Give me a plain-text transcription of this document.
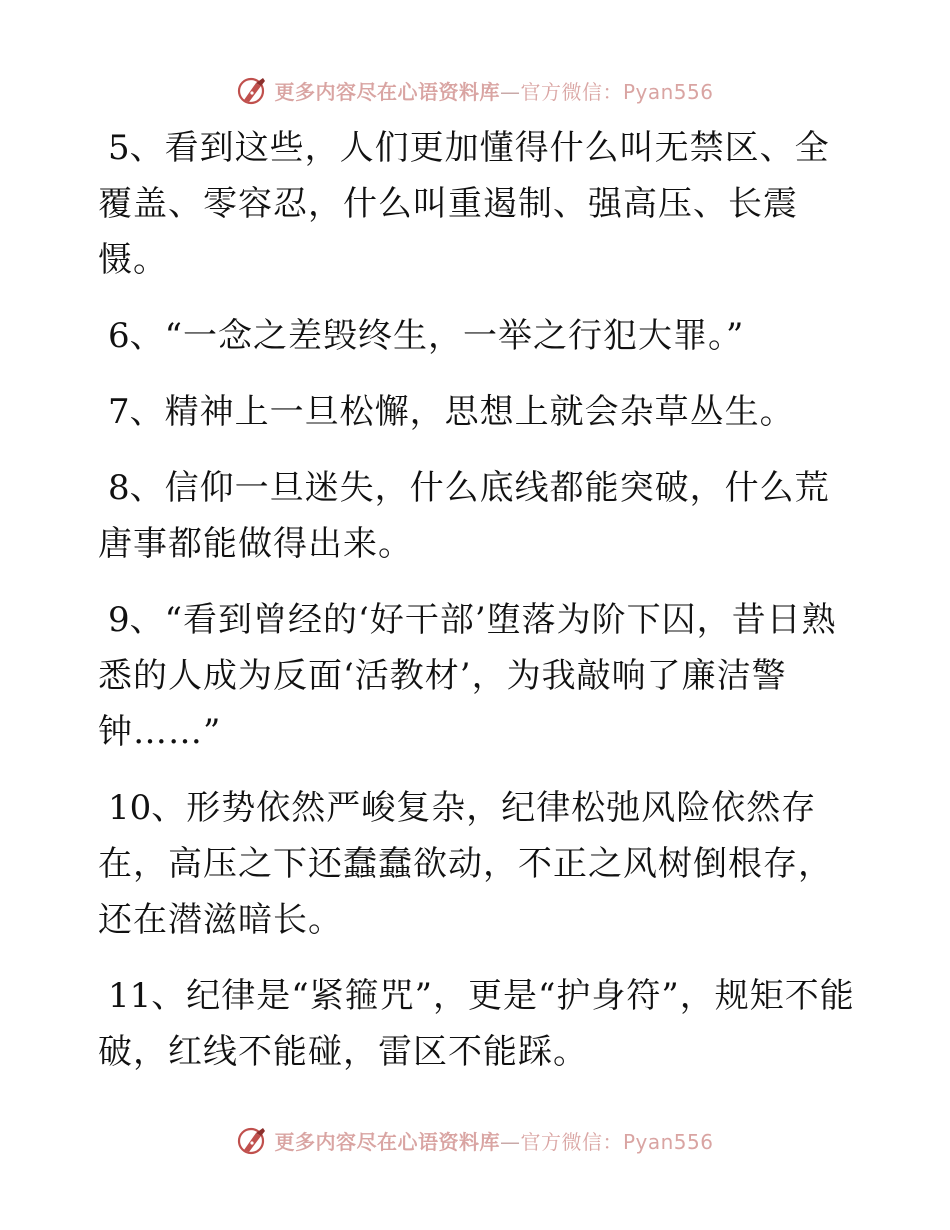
更多内容尽在心语资料库—官方微信：Pyan556

5、看到这些，人们更加懂得什么叫无禁区、全覆盖、零容忍，什么叫重遏制、强高压、长震慑。

6、“一念之差毁终生，一举之行犯大罪。”

7、精神上一旦松懈，思想上就会杂草丛生。

8、信仰一旦迷失，什么底线都能突破，什么荒唐事都能做得出来。

9、“看到曾经的‘好干部’堕落为阶下囚，昔日熟悉的人成为反面‘活教材’，为我敲响了廉洁警钟……”

10、形势依然严峻复杂，纪律松弛风险依然存在，高压之下还蠢蠢欲动，不正之风树倒根存，还在潜滋暗长。

11、纪律是“紧箍咒”，更是“护身符”，规矩不能破，红线不能碰，雷区不能踩。

更多内容尽在心语资料库—官方微信：Pyan556
